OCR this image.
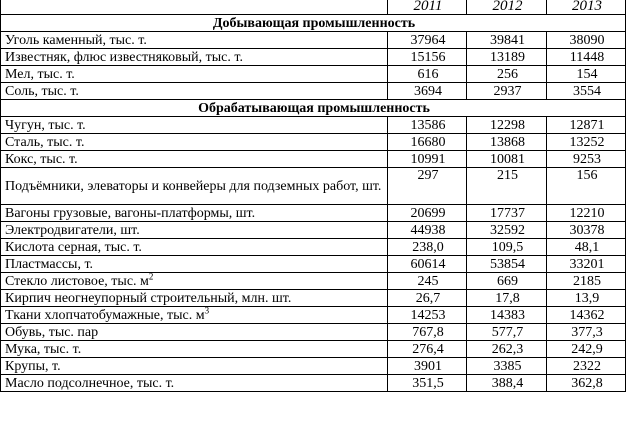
	2011	2012	2013
Добывающая промышленность			
Уголь каменный, тыс. т.	37964	39841	38090
Известняк, флюс известняковый, тыс. т.	15156	13189	11448
Мел, тыс. т.	616	256	154
Соль, тыс. т.	3694	2937	3554
Обрабатывающая промышленность			
Чугун, тыс. т.	13586	12298	12871
Сталь, тыс. т.	16680	13868	13252
Кокс, тыс. т.	10991	10081	9253
Подъёмники, элеваторы и конвейеры для подземных работ, шт.	297	215	156
Вагоны грузовые, вагоны-платформы, шт.	20699	17737	12210
Электродвигатели, шт.	44938	32592	30378
Кислота серная, тыс. т.	238,0	109,5	48,1
Пластмассы, т.	60614	53854	33201
Стекло листовое, тыс. $м^2$	245	669	2185
Кирпич неогнеупорный строительный, млн. шт.	26,7	17,8	13,9
Ткани хлопчатобумажные, тыс. $м^3$	14253	14383	14362
Обувь, тыс. пар	767,8	577,7	377,3
Мука, тыс. т.	276,4	262,3	242,9
Крупы, т.	3901	3385	2322
Масло подсолнечное, тыс. т.	351,5	388,4	362,8
